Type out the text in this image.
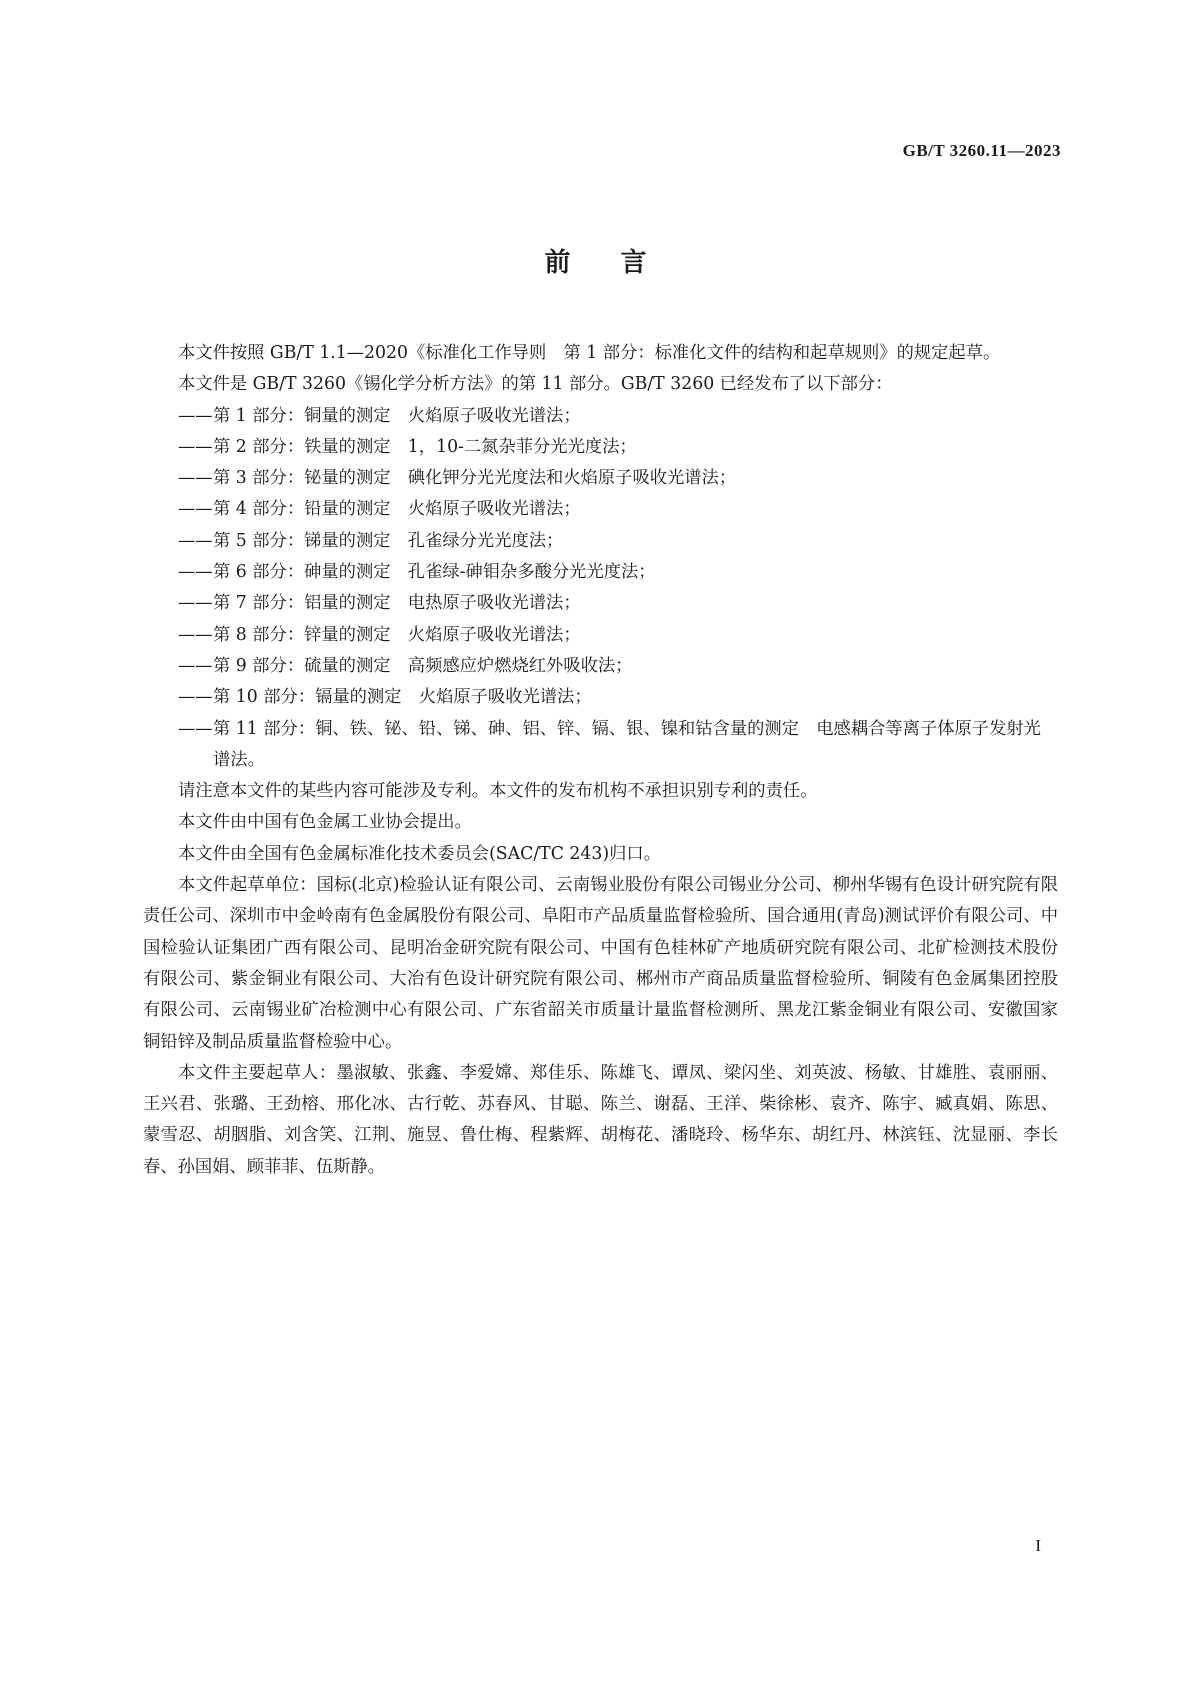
GB/T 3260.11—2023

前言

本文件按照 GB/T 1.1—2020《标准化工作导则　第 1 部分：标准化文件的结构和起草规则》的规定起草。

本文件是 GB/T 3260《锡化学分析方法》的第 11 部分。GB/T 3260 已经发布了以下部分：

—— 第 1 部分：铜量的测定　火焰原子吸收光谱法；
—— 第 2 部分：铁量的测定　1，10-二氮杂菲分光光度法；
—— 第 3 部分：铋量的测定　碘化钾分光光度法和火焰原子吸收光谱法；
—— 第 4 部分：铅量的测定　火焰原子吸收光谱法；
—— 第 5 部分：锑量的测定　孔雀绿分光光度法；
—— 第 6 部分：砷量的测定　孔雀绿-砷钼杂多酸分光光度法；
—— 第 7 部分：铝量的测定　电热原子吸收光谱法；
—— 第 8 部分：锌量的测定　火焰原子吸收光谱法；
—— 第 9 部分：硫量的测定　高频感应炉燃烧红外吸收法；
—— 第 10 部分：镉量的测定　火焰原子吸收光谱法；
—— 第 11 部分：铜、铁、铋、铅、锑、砷、铝、锌、镉、银、镍和钴含量的测定　电感耦合等离子体原子发射光谱法。

请注意本文件的某些内容可能涉及专利。本文件的发布机构不承担识别专利的责任。

本文件由中国有色金属工业协会提出。

本文件由全国有色金属标准化技术委员会(SAC/TC 243)归口。

本文件起草单位：国标(北京)检验认证有限公司、云南锡业股份有限公司锡业分公司、柳州华锡有色设计研究院有限责任公司、深圳市中金岭南有色金属股份有限公司、阜阳市产品质量监督检验所、国合通用(青岛)测试评价有限公司、中国检验认证集团广西有限公司、昆明冶金研究院有限公司、中国有色桂林矿产地质研究院有限公司、北矿检测技术股份有限公司、紫金铜业有限公司、大冶有色设计研究院有限公司、郴州市产商品质量监督检验所、铜陵有色金属集团控股有限公司、云南锡业矿冶检测中心有限公司、广东省韶关市质量计量监督检测所、黑龙江紫金铜业有限公司、安徽国家铜铅锌及制品质量监督检验中心。

本文件主要起草人：墨淑敏、张鑫、李爱嫦、郑佳乐、陈雄飞、谭凤、梁闪坐、刘英波、杨敏、甘雄胜、袁丽丽、王兴君、张璐、王劲榕、邢化冰、古行乾、苏春风、甘聪、陈兰、谢磊、王洋、柴徐彬、袁齐、陈宇、臧真娟、陈思、蒙雪忍、胡胭脂、刘含笑、江荆、施昱、鲁仕梅、程紫辉、胡梅花、潘晓玲、杨华东、胡红丹、林滨钰、沈显丽、李长春、孙国娟、顾菲菲、伍斯静。

I
